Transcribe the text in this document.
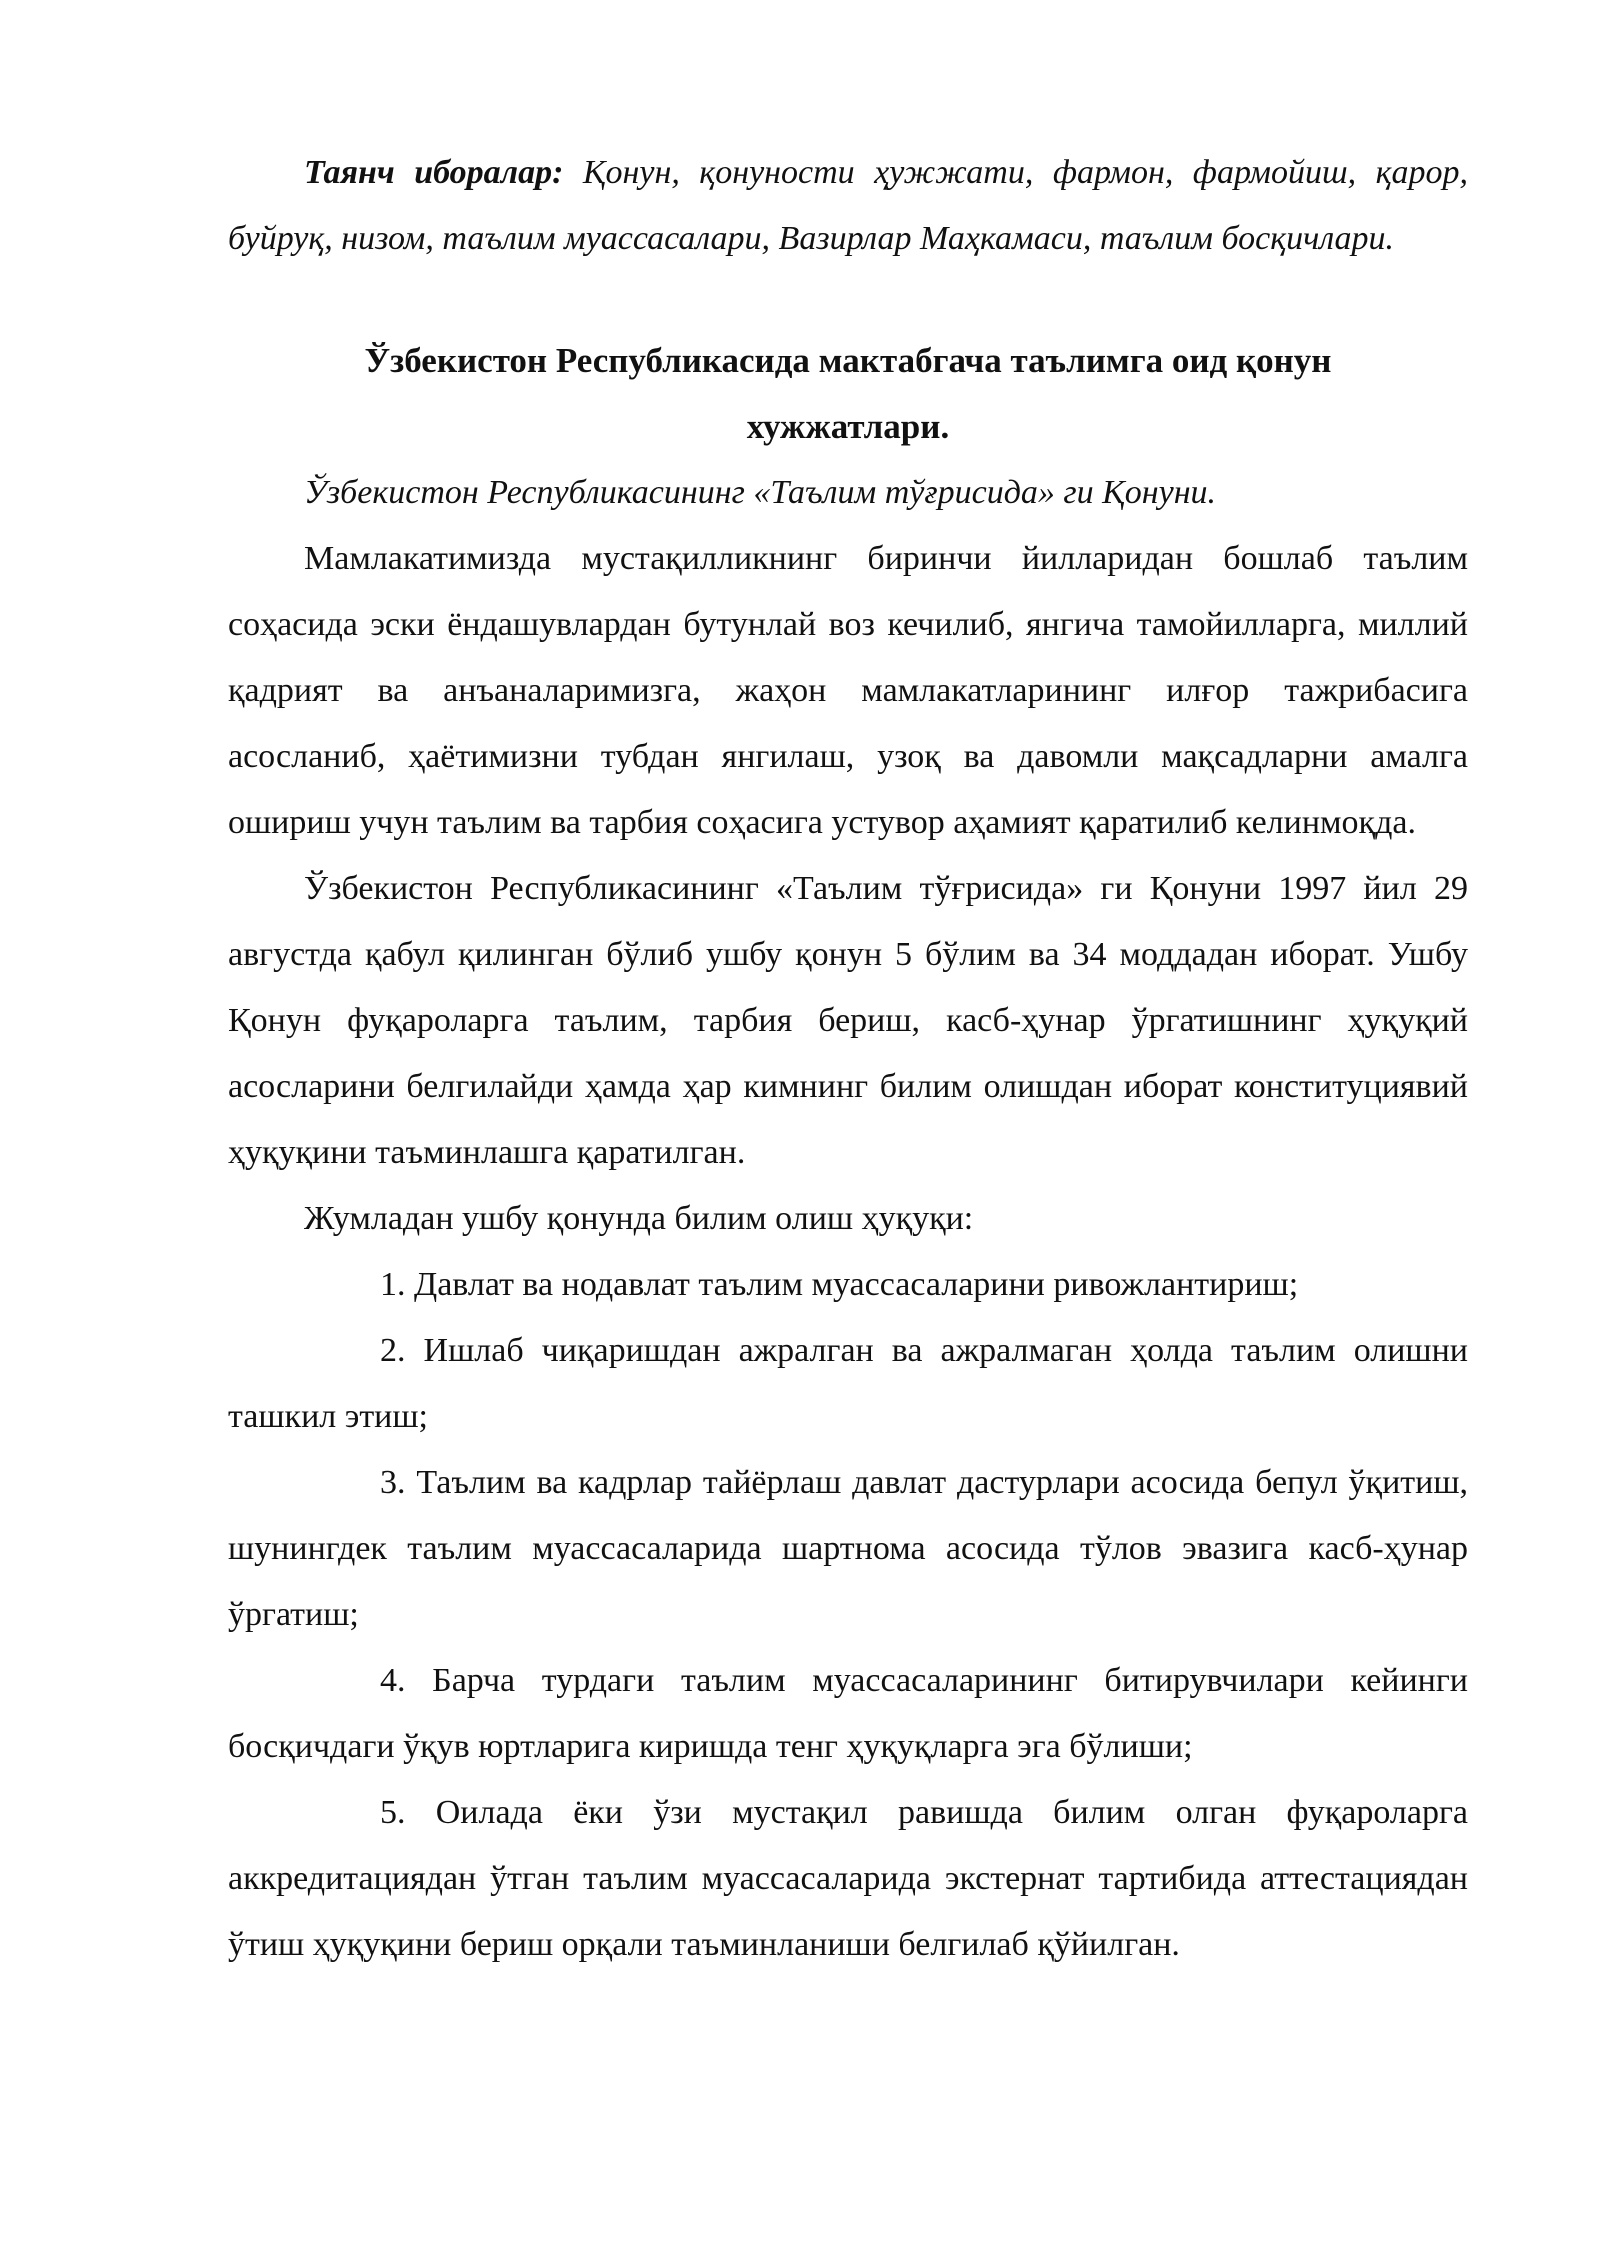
Таянч иборалар: Қонун, қонуности ҳужжати, фармон, фармойиш, қарор, буйруқ, низом, таълим муассасалари, Вазирлар Маҳкамаси, таълим босқичлари.

Ўзбекистон Республикасида мактабгача таълимга оид қонун хужжатлари.

Ўзбекистон Республикасининг «Таълим тўғрисида» ги Қонуни.

Мамлакатимизда мустақилликнинг биринчи йилларидан бошлаб таълим соҳасида эски ёндашувлардан бутунлай воз кечилиб, янгича тамойилларга, миллий қадрият ва анъаналаримизга, жаҳон мамлакатларининг илғор тажрибасига асосланиб, ҳаётимизни тубдан янгилаш, узоқ ва давомли мақсадларни амалга ошириш учун таълим ва тарбия соҳасига устувор аҳамият қаратилиб келинмоқда.

Ўзбекистон Республикасининг «Таълим тўғрисида» ги Қонуни 1997 йил 29 августда қабул қилинган бўлиб ушбу қонун 5 бўлим ва 34 моддадан иборат. Ушбу Қонун фуқароларга таълим, тарбия бериш, касб-ҳунар ўргатишнинг ҳуқуқий асосларини белгилайди ҳамда ҳар кимнинг билим олишдан иборат конституциявий ҳуқуқини таъминлашга қаратилган.

Жумладан ушбу қонунда билим олиш ҳуқуқи:

1. Давлат ва нодавлат таълим муассасаларини ривожлантириш;

2. Ишлаб чиқаришдан ажралган ва ажралмаган ҳолда таълим олишни ташкил этиш;

3. Таълим ва кадрлар тайёрлаш давлат дастурлари асосида бепул ўқитиш, шунингдек таълим муассасаларида шартнома асосида тўлов эвазига касб-ҳунар ўргатиш;

4. Барча турдаги таълим муассасаларининг битирувчилари кейинги босқичдаги ўқув юртларига киришда тенг ҳуқуқларга эга бўлиши;

5. Оилада ёки ўзи мустақил равишда билим олган фуқароларга аккредитациядан ўтган таълим муассасаларида экстернат тартибида аттестациядан ўтиш ҳуқуқини бериш орқали таъминланиши белгилаб қўйилган.
